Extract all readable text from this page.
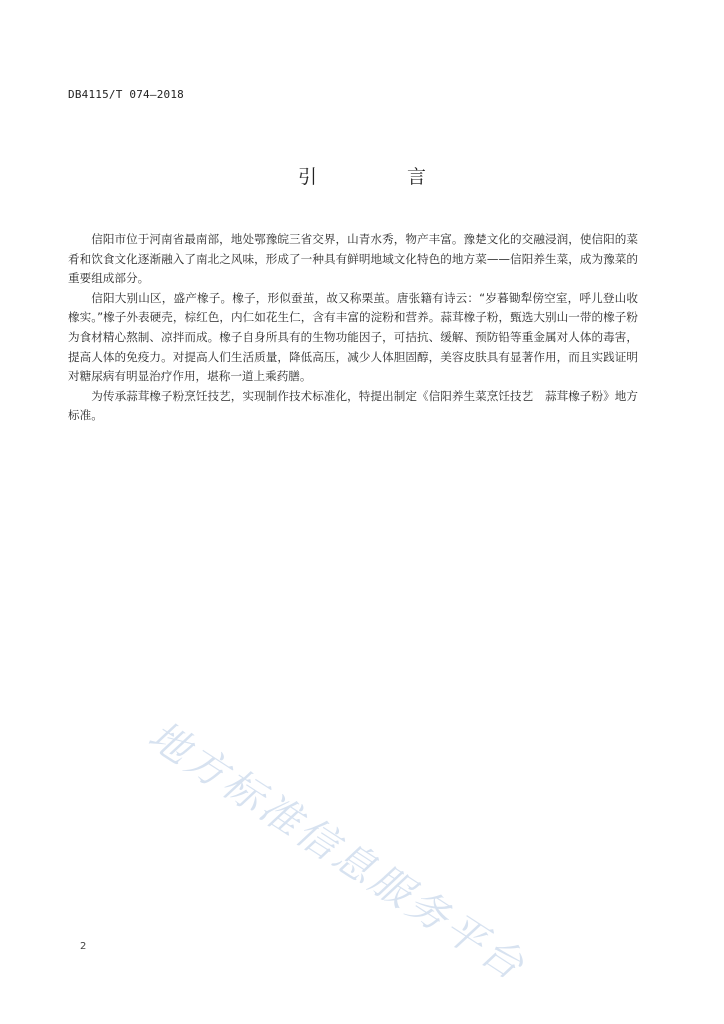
DB4115/T 074—2018
引 言

信阳市位于河南省最南部，地处鄂豫皖三省交界，山青水秀，物产丰富。豫楚文化的交融浸润，使信阳的菜肴和饮食文化逐渐融入了南北之风味，形成了一种具有鲜明地域文化特色的地方菜——信阳养生菜，成为豫菜的重要组成部分。

信阳大别山区，盛产橡子。橡子，形似蚕茧，故又称栗茧。唐张籍有诗云：“岁暮锄犁傍空室，呼儿登山收橡实。”橡子外表硬壳，棕红色，内仁如花生仁，含有丰富的淀粉和营养。蒜茸橡子粉，甄选大别山一带的橡子粉为食材精心熬制、凉拌而成。橡子自身所具有的生物功能因子，可拮抗、缓解、预防铅等重金属对人体的毒害，提高人体的免疫力。对提高人们生活质量，降低高压，减少人体胆固醇，美容皮肤具有显著作用，而且实践证明对糖尿病有明显治疗作用，堪称一道上乘药膳。

为传承蒜茸橡子粉烹饪技艺，实现制作技术标准化，特提出制定《信阳养生菜烹饪技艺　蒜茸橡子粉》地方标准。

地方标准信息服务平台
2
